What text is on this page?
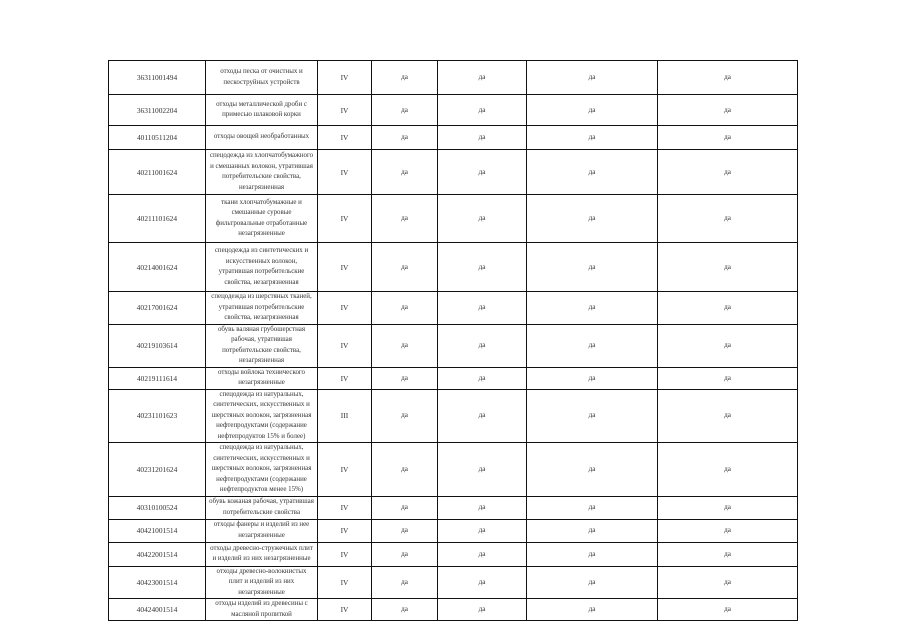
36311001494	отходы песка от очистных и пескоструйных устройств	IV	да	да	да	да
36311002204	отходы металлической дроби с примесью шлаковой корки	IV	да	да	да	да
40110511204	отходы овощей необработанных	IV	да	да	да	да
40211001624	спецодежда из хлопчатобумажного и смешанных волокон, утратившая потребительские свойства, незагрязненная	IV	да	да	да	да
40211101624	ткани хлопчатобумажные и смешанные суровые фильтровальные отработанные незагрязненные	IV	да	да	да	да
40214001624	спецодежда из синтетических и искусственных волокон, утратившая потребительские свойства, незагрязненная	IV	да	да	да	да
40217001624	спецодежда из шерстяных тканей, утратившая потребительские свойства, незагрязненная	IV	да	да	да	да
40219103614	обувь валяная грубошерстная рабочая, утратившая потребительские свойства, незагрязненная	IV	да	да	да	да
40219111614	отходы войлока технического незагрязненные	IV	да	да	да	да
40231101623	спецодежда из натуральных, синтетических, искусственных и шерстяных волокон, загрязненная нефтепродуктами (содержание нефтепродуктов 15% и более)	III	да	да	да	да
40231201624	спецодежда из натуральных, синтетических, искусственных и шерстяных волокон, загрязненная нефтепродуктами (содержание нефтепродуктов менее 15%)	IV	да	да	да	да
40310100524	обувь кожаная рабочая, утратившая потребительские свойства	IV	да	да	да	да
40421001514	отходы фанеры и изделий из нее незагрязненные	IV	да	да	да	да
40422001514	отходы древесно-стружечных плит и изделий из них незагрязненные	IV	да	да	да	да
40423001514	отходы древесно-волокнистых плит и изделий из них незагрязненные	IV	да	да	да	да
40424001514	отходы изделий из древесины с масляной пропиткой	IV	да	да	да	да
